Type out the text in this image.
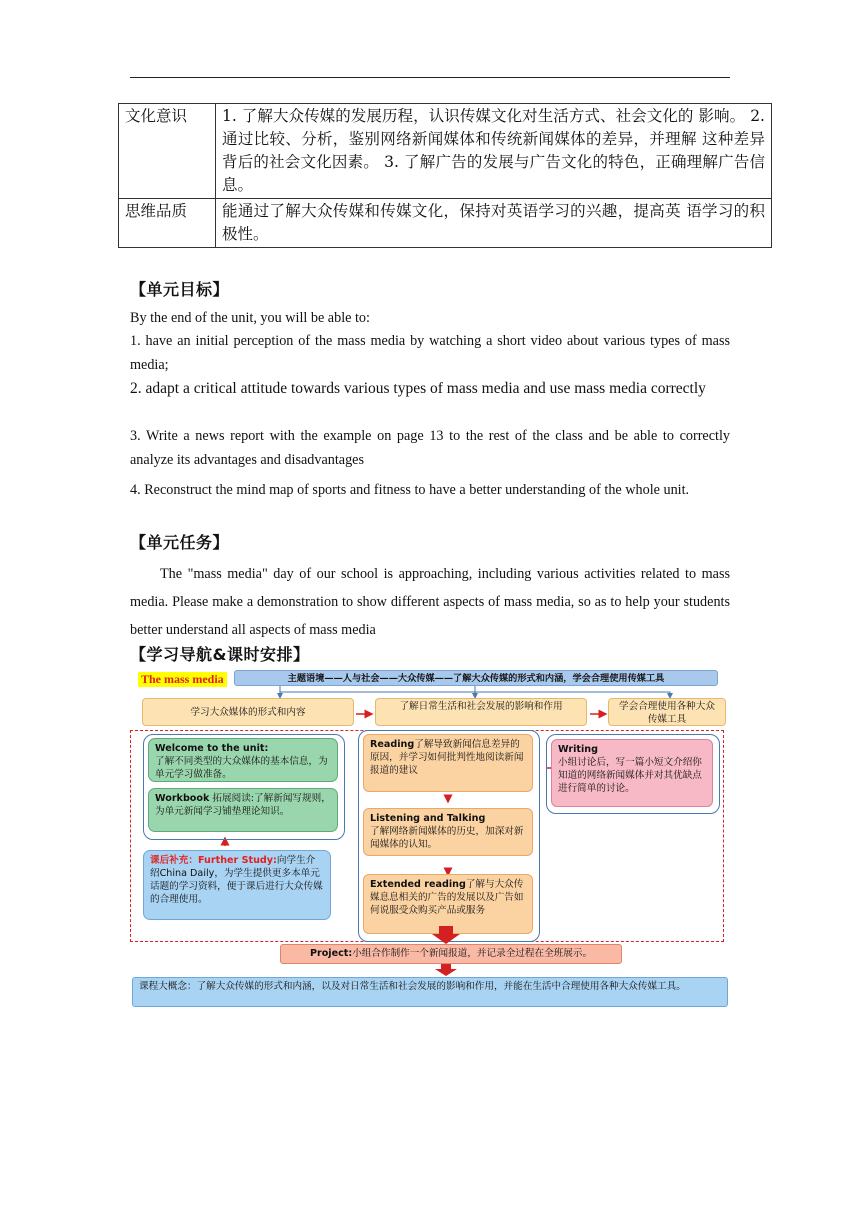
文化意识	1. 了解大众传媒的发展历程，认识传媒文化对生活方式、社会文化的 影响。 2. 通过比较、分析，鉴别网络新闻媒体和传统新闻媒体的差异，并理解 这种差异背后的社会文化因素。 3. 了解广告的发展与广告文化的特色，正确理解广告信息。
思维品质	能通过了解大众传媒和传媒文化，保持对英语学习的兴趣，提高英 语学习的积极性。
【单元目标】
By the end of the unit, you will be able to:
1. have an initial perception of the mass media by watching a short video about various types of mass media;
2. adapt a critical attitude towards various types of mass media and use mass media correctly
3. Write a news report with the example on page 13 to the rest of the class and be able to correctly analyze its advantages and disadvantages
4. Reconstruct the mind map of sports and fitness to have a better understanding of the whole unit.
【单元任务】
The "mass media" day of our school is approaching, including various activities related to mass media. Please make a demonstration to show different aspects of mass media, so as to help your students better understand all aspects of mass media
【学习导航&课时安排】
The mass media	主题语境——人与社会——大众传媒——了解大众传媒的形式和内涵，学会合理使用传媒工具
学习大众媒体的形式和内容
了解日常生活和社会发展的影响和作用	学会合理使用各种大众传媒工具
Welcome to the unit:
了解不同类型的大众媒体的基本信息，为单元学习做准备。
Workbook 拓展阅读:了解新闻写规则，为单元新闻学习铺垫理论知识。
课后补充：Further Study:向学生介绍China Daily，为学生提供更多本单元话题的学习资料，便于课后进行大众传媒的合理使用。
Reading了解导致新闻信息差异的原因，并学习如何批判性地阅读新闻报道的建议
Listening and Talking
了解网络新闻媒体的历史，加深对新闻媒体的认知。
Extended reading了解与大众传媒息息相关的广告的发展以及广告如何说服受众购买产品或服务
Writing
小组讨论后，写一篇小短文介绍你知道的网络新闻媒体并对其优缺点进行简单的讨论。
Project:小组合作制作一个新闻报道，并记录全过程在全班展示。
课程大概念：了解大众传媒的形式和内涵，以及对日常生活和社会发展的影响和作用，并能在生活中合理使用各种大众传媒工具。
